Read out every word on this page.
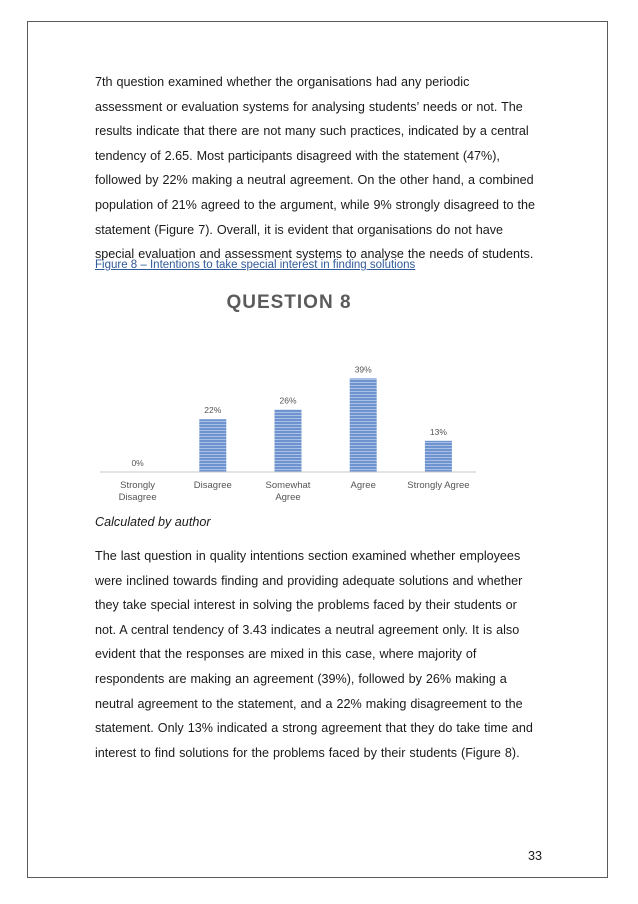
7th question examined whether the organisations had any periodic
assessment or evaluation systems for analysing students’ needs or not. The
results indicate that there are not many such practices, indicated by a central
tendency of 2.65. Most participants disagreed with the statement (47%),
followed by 22% making a neutral agreement. On the other hand, a combined
population of 21% agreed to the argument, while 9% strongly disagreed to the
statement (Figure 7). Overall, it is evident that organisations do not have
special evaluation and assessment systems to analyse the needs of students.

Figure 8 – Intentions to take special interest in finding solutions

QUESTION 8
0%
Strongly
Disagree
22%
Disagree
26%
Somewhat
Agree
39%
Agree
13%
Strongly Agree

Calculated by author

The last question in quality intentions section examined whether employees
were inclined towards finding and providing adequate solutions and whether
they take special interest in solving the problems faced by their students or
not. A central tendency of 3.43 indicates a neutral agreement only. It is also
evident that the responses are mixed in this case, where majority of
respondents are making an agreement (39%), followed by 26% making a
neutral agreement to the statement, and a 22% making disagreement to the
statement. Only 13% indicated a strong agreement that they do take time and
interest to find solutions for the problems faced by their students (Figure 8).

33
